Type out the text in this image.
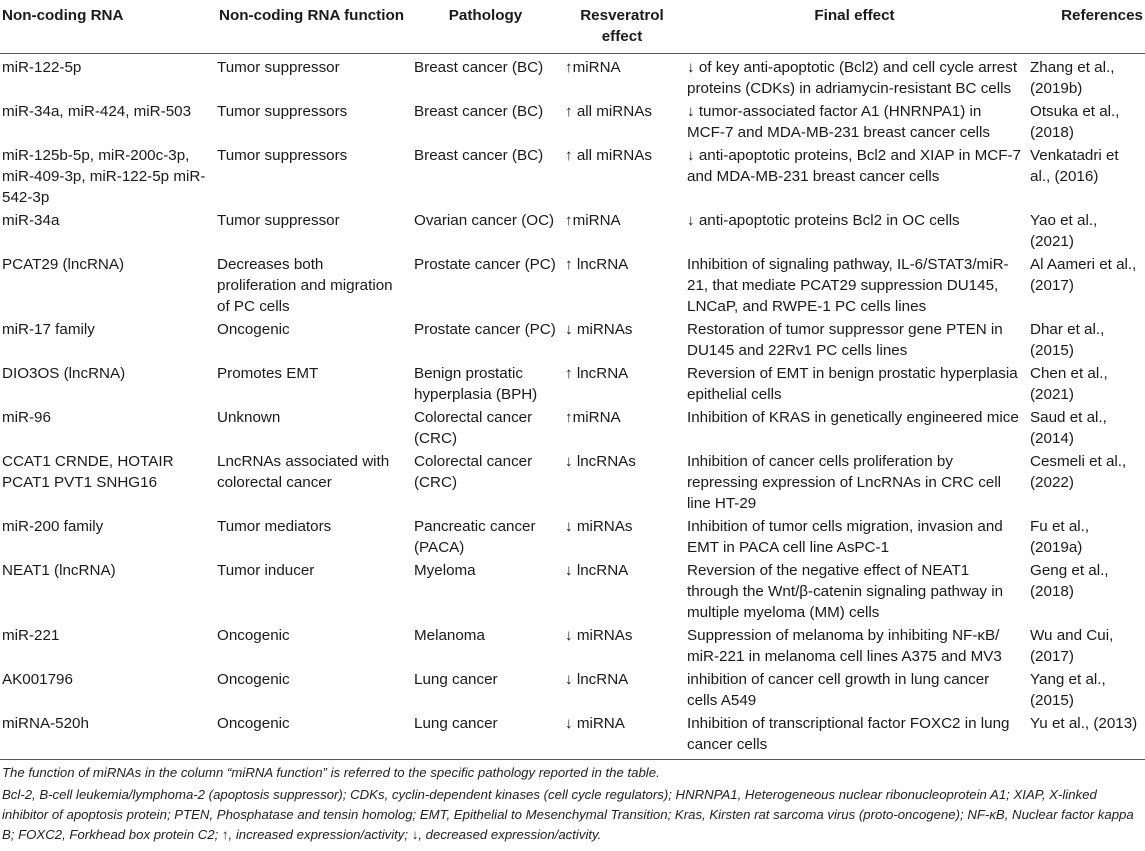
Non-coding RNA	Non-coding RNA function	Pathology	Resveratrol effect	Final effect	References
miR-122-5p	Tumor suppressor	Breast cancer (BC)	↑miRNA	↓ of key anti-apoptotic (Bcl2) and cell cycle arrest proteins (CDKs) in adriamycin-resistant BC cells	Zhang et al., (2019b)
miR-34a, miR-424, miR-503	Tumor suppressors	Breast cancer (BC)	↑ all miRNAs	↓ tumor-associated factor A1 (HNRNPA1) in MCF-7 and MDA-MB-231 breast cancer cells	Otsuka et al., (2018)
miR-125b-5p, miR-200c-3p, miR-409-3p, miR-122-5p miR-542-3p	Tumor suppressors	Breast cancer (BC)	↑ all miRNAs	↓ anti-apoptotic proteins, Bcl2 and XIAP in MCF-7 and MDA-MB-231 breast cancer cells	Venkatadri et al., (2016)
miR-34a	Tumor suppressor	Ovarian cancer (OC)	↑miRNA	↓ anti-apoptotic proteins Bcl2 in OC cells	Yao et al., (2021)
PCAT29 (lncRNA)	Decreases both proliferation and migration of PC cells	Prostate cancer (PC)	↑ lncRNA	Inhibition of signaling pathway, IL-6/STAT3/miR-21, that mediate PCAT29 suppression DU145, LNCaP, and RWPE-1 PC cells lines	Al Aameri et al., (2017)
miR-17 family	Oncogenic	Prostate cancer (PC)	↓ miRNAs	Restoration of tumor suppressor gene PTEN in DU145 and 22Rv1 PC cells lines	Dhar et al., (2015)
DIO3OS (lncRNA)	Promotes EMT	Benign prostatic hyperplasia (BPH)	↑ lncRNA	Reversion of EMT in benign prostatic hyperplasia epithelial cells	Chen et al., (2021)
miR-96	Unknown	Colorectal cancer (CRC)	↑miRNA	Inhibition of KRAS in genetically engineered mice	Saud et al., (2014)
CCAT1 CRNDE, HOTAIR PCAT1 PVT1 SNHG16	LncRNAs associated with colorectal cancer	Colorectal cancer (CRC)	↓ lncRNAs	Inhibition of cancer cells proliferation by repressing expression of LncRNAs in CRC cell line HT-29	Cesmeli et al., (2022)
miR-200 family	Tumor mediators	Pancreatic cancer (PACA)	↓ miRNAs	Inhibition of tumor cells migration, invasion and EMT in PACA cell line AsPC-1	Fu et al., (2019a)
NEAT1 (lncRNA)	Tumor inducer	Myeloma	↓ lncRNA	Reversion of the negative effect of NEAT1 through the Wnt/β-catenin signaling pathway in multiple myeloma (MM) cells	Geng et al., (2018)
miR-221	Oncogenic	Melanoma	↓ miRNAs	Suppression of melanoma by inhibiting NF-κB/ miR-221 in melanoma cell lines A375 and MV3	Wu and Cui, (2017)
AK001796	Oncogenic	Lung cancer	↓ lncRNA	inhibition of cancer cell growth in lung cancer cells A549	Yang et al., (2015)
miRNA-520h	Oncogenic	Lung cancer	↓ miRNA	Inhibition of transcriptional factor FOXC2 in lung cancer cells	Yu et al., (2013)

The function of miRNAs in the column “miRNA function” is referred to the specific pathology reported in the table.

Bcl-2, B-cell leukemia/lymphoma-2 (apoptosis suppressor); CDKs, cyclin-dependent kinases (cell cycle regulators); HNRNPA1, Heterogeneous nuclear ribonucleoprotein A1; XIAP, X-linked inhibitor of apoptosis protein; PTEN, Phosphatase and tensin homolog; EMT, Epithelial to Mesenchymal Transition; Kras, Kirsten rat sarcoma virus (proto-oncogene); NF-κB, Nuclear factor kappa B; FOXC2, Forkhead box protein C2; ↑, increased expression/activity; ↓, decreased expression/activity.
